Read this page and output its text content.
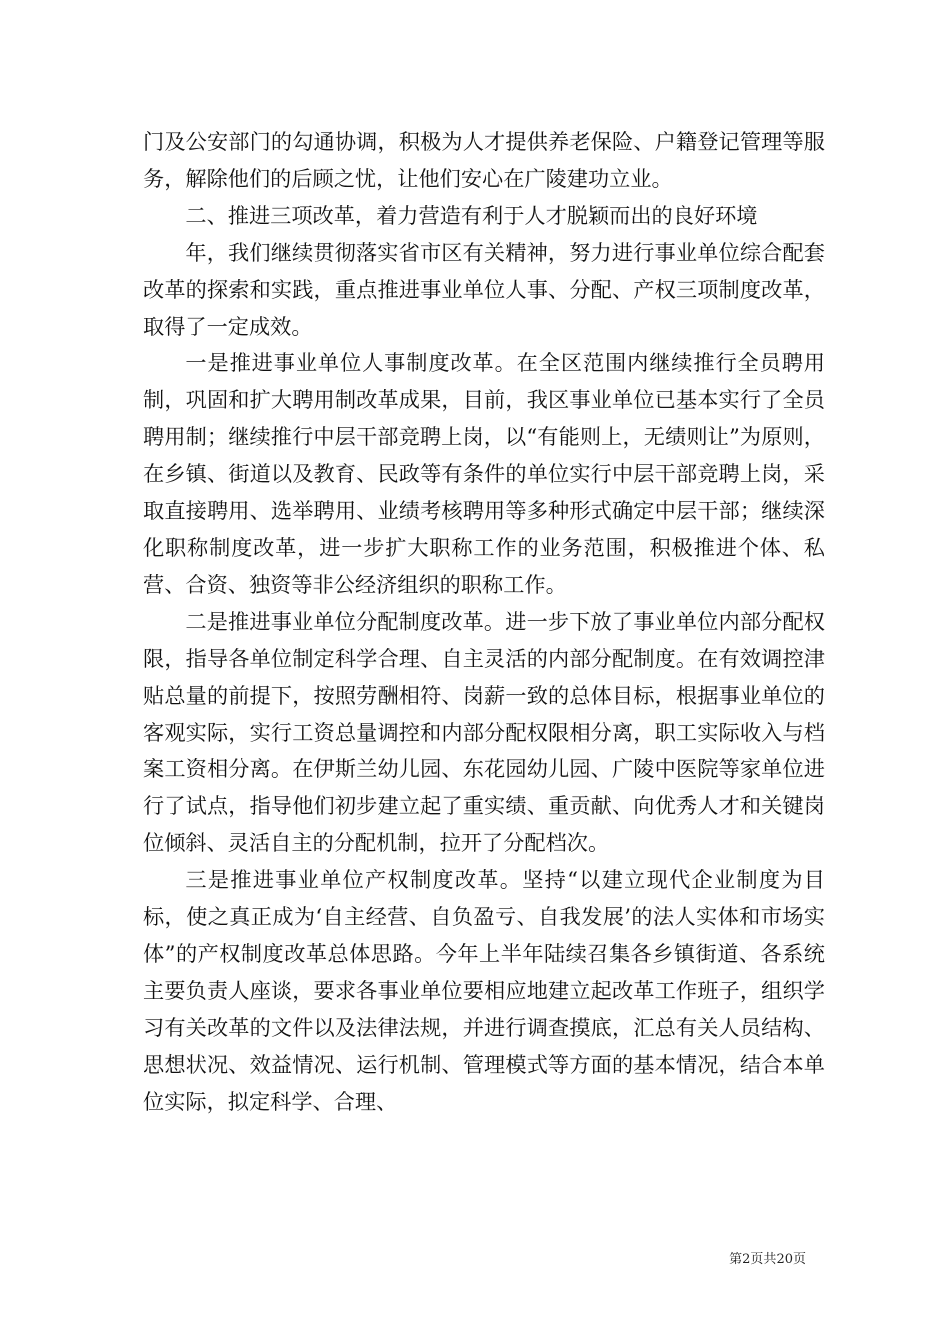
门及公安部门的勾通协调，积极为人才提供养老保险、户籍登记管理等服务，解除他们的后顾之忧，让他们安心在广陵建功立业。

二、推进三项改革，着力营造有利于人才脱颖而出的良好环境

年，我们继续贯彻落实省市区有关精神，努力进行事业单位综合配套改革的探索和实践，重点推进事业单位人事、分配、产权三项制度改革，取得了一定成效。

一是推进事业单位人事制度改革。在全区范围内继续推行全员聘用制，巩固和扩大聘用制改革成果，目前，我区事业单位已基本实行了全员聘用制；继续推行中层干部竞聘上岗，以“有能则上，无绩则让”为原则，在乡镇、街道以及教育、民政等有条件的单位实行中层干部竞聘上岗，采取直接聘用、选举聘用、业绩考核聘用等多种形式确定中层干部；继续深化职称制度改革，进一步扩大职称工作的业务范围，积极推进个体、私营、合资、独资等非公经济组织的职称工作。

二是推进事业单位分配制度改革。进一步下放了事业单位内部分配权限，指导各单位制定科学合理、自主灵活的内部分配制度。在有效调控津贴总量的前提下，按照劳酬相符、岗薪一致的总体目标，根据事业单位的客观实际，实行工资总量调控和内部分配权限相分离，职工实际收入与档案工资相分离。在伊斯兰幼儿园、东花园幼儿园、广陵中医院等家单位进行了试点，指导他们初步建立起了重实绩、重贡献、向优秀人才和关键岗位倾斜、灵活自主的分配机制，拉开了分配档次。

三是推进事业单位产权制度改革。坚持“以建立现代企业制度为目标，使之真正成为‘自主经营、自负盈亏、自我发展’的法人实体和市场实体”的产权制度改革总体思路。今年上半年陆续召集各乡镇街道、各系统主要负责人座谈，要求各事业单位要相应地建立起改革工作班子，组织学习有关改革的文件以及法律法规，并进行调查摸底，汇总有关人员结构、思想状况、效益情况、运行机制、管理模式等方面的基本情况，结合本单位实际，拟定科学、合理、

第2页共20页
